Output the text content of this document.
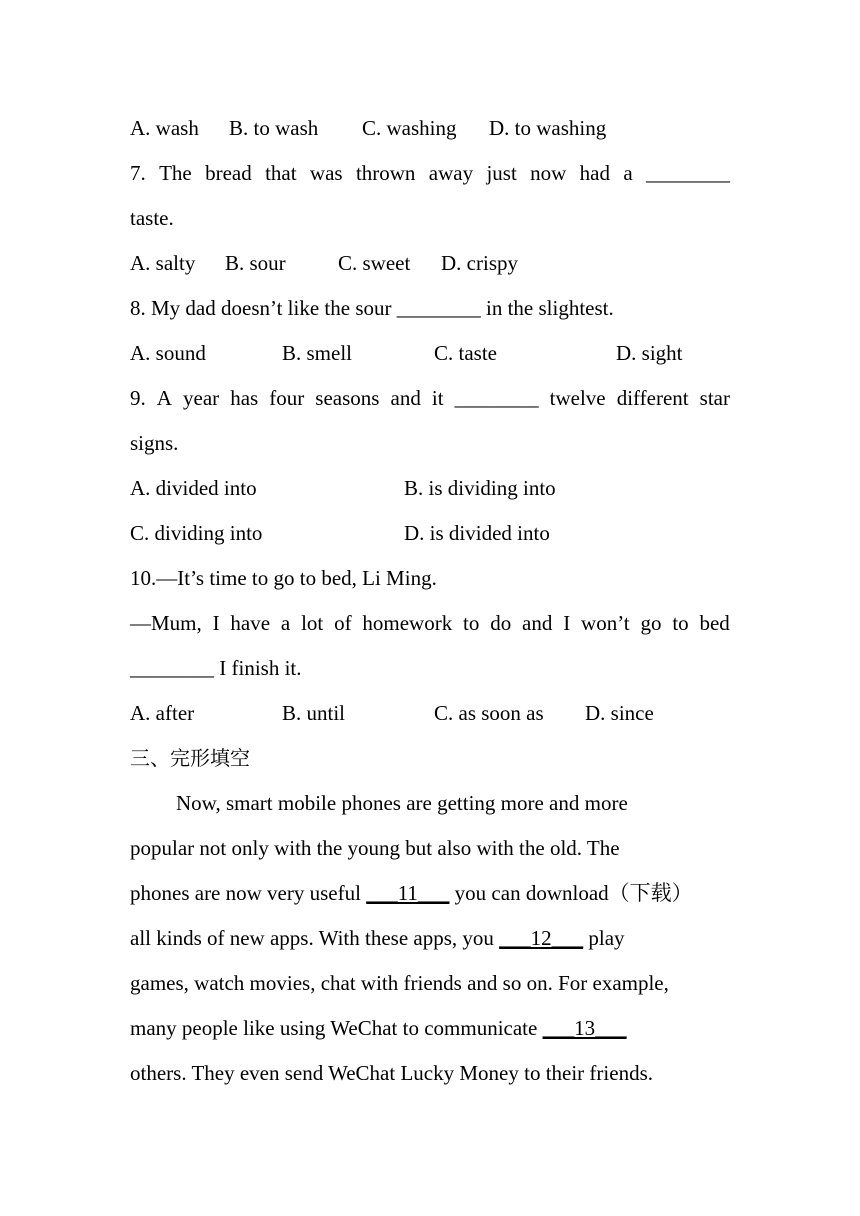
A. wash B. to wash C. washing D. to washing
7. The bread that was thrown away just now had a ________
taste.
A. salty B. sour C. sweet D. crispy
8. My dad doesn’t like the sour ________ in the slightest.
A. sound	B. smell	C. taste	D. sight
9. A year has four seasons and it ________ twelve different star
signs.
A. divided into	B. is dividing into
C. dividing into	D. is divided into
10.—It’s time to go to bed, Li Ming.
—Mum, I have a lot of homework to do and I won’t go to bed
________ I finish it.
A. after	B. until	C. as soon as D. since
三、完形填空
Now, smart mobile phones are getting more and more
popular not only with the young but also with the old. The
phones are now very useful ___11___ you can download（下载）
all kinds of new apps. With these apps, you ___12___ play
games, watch movies, chat with friends and so on. For example,
many people like using WeChat to communicate ___13___
others. They even send WeChat Lucky Money to their friends.
